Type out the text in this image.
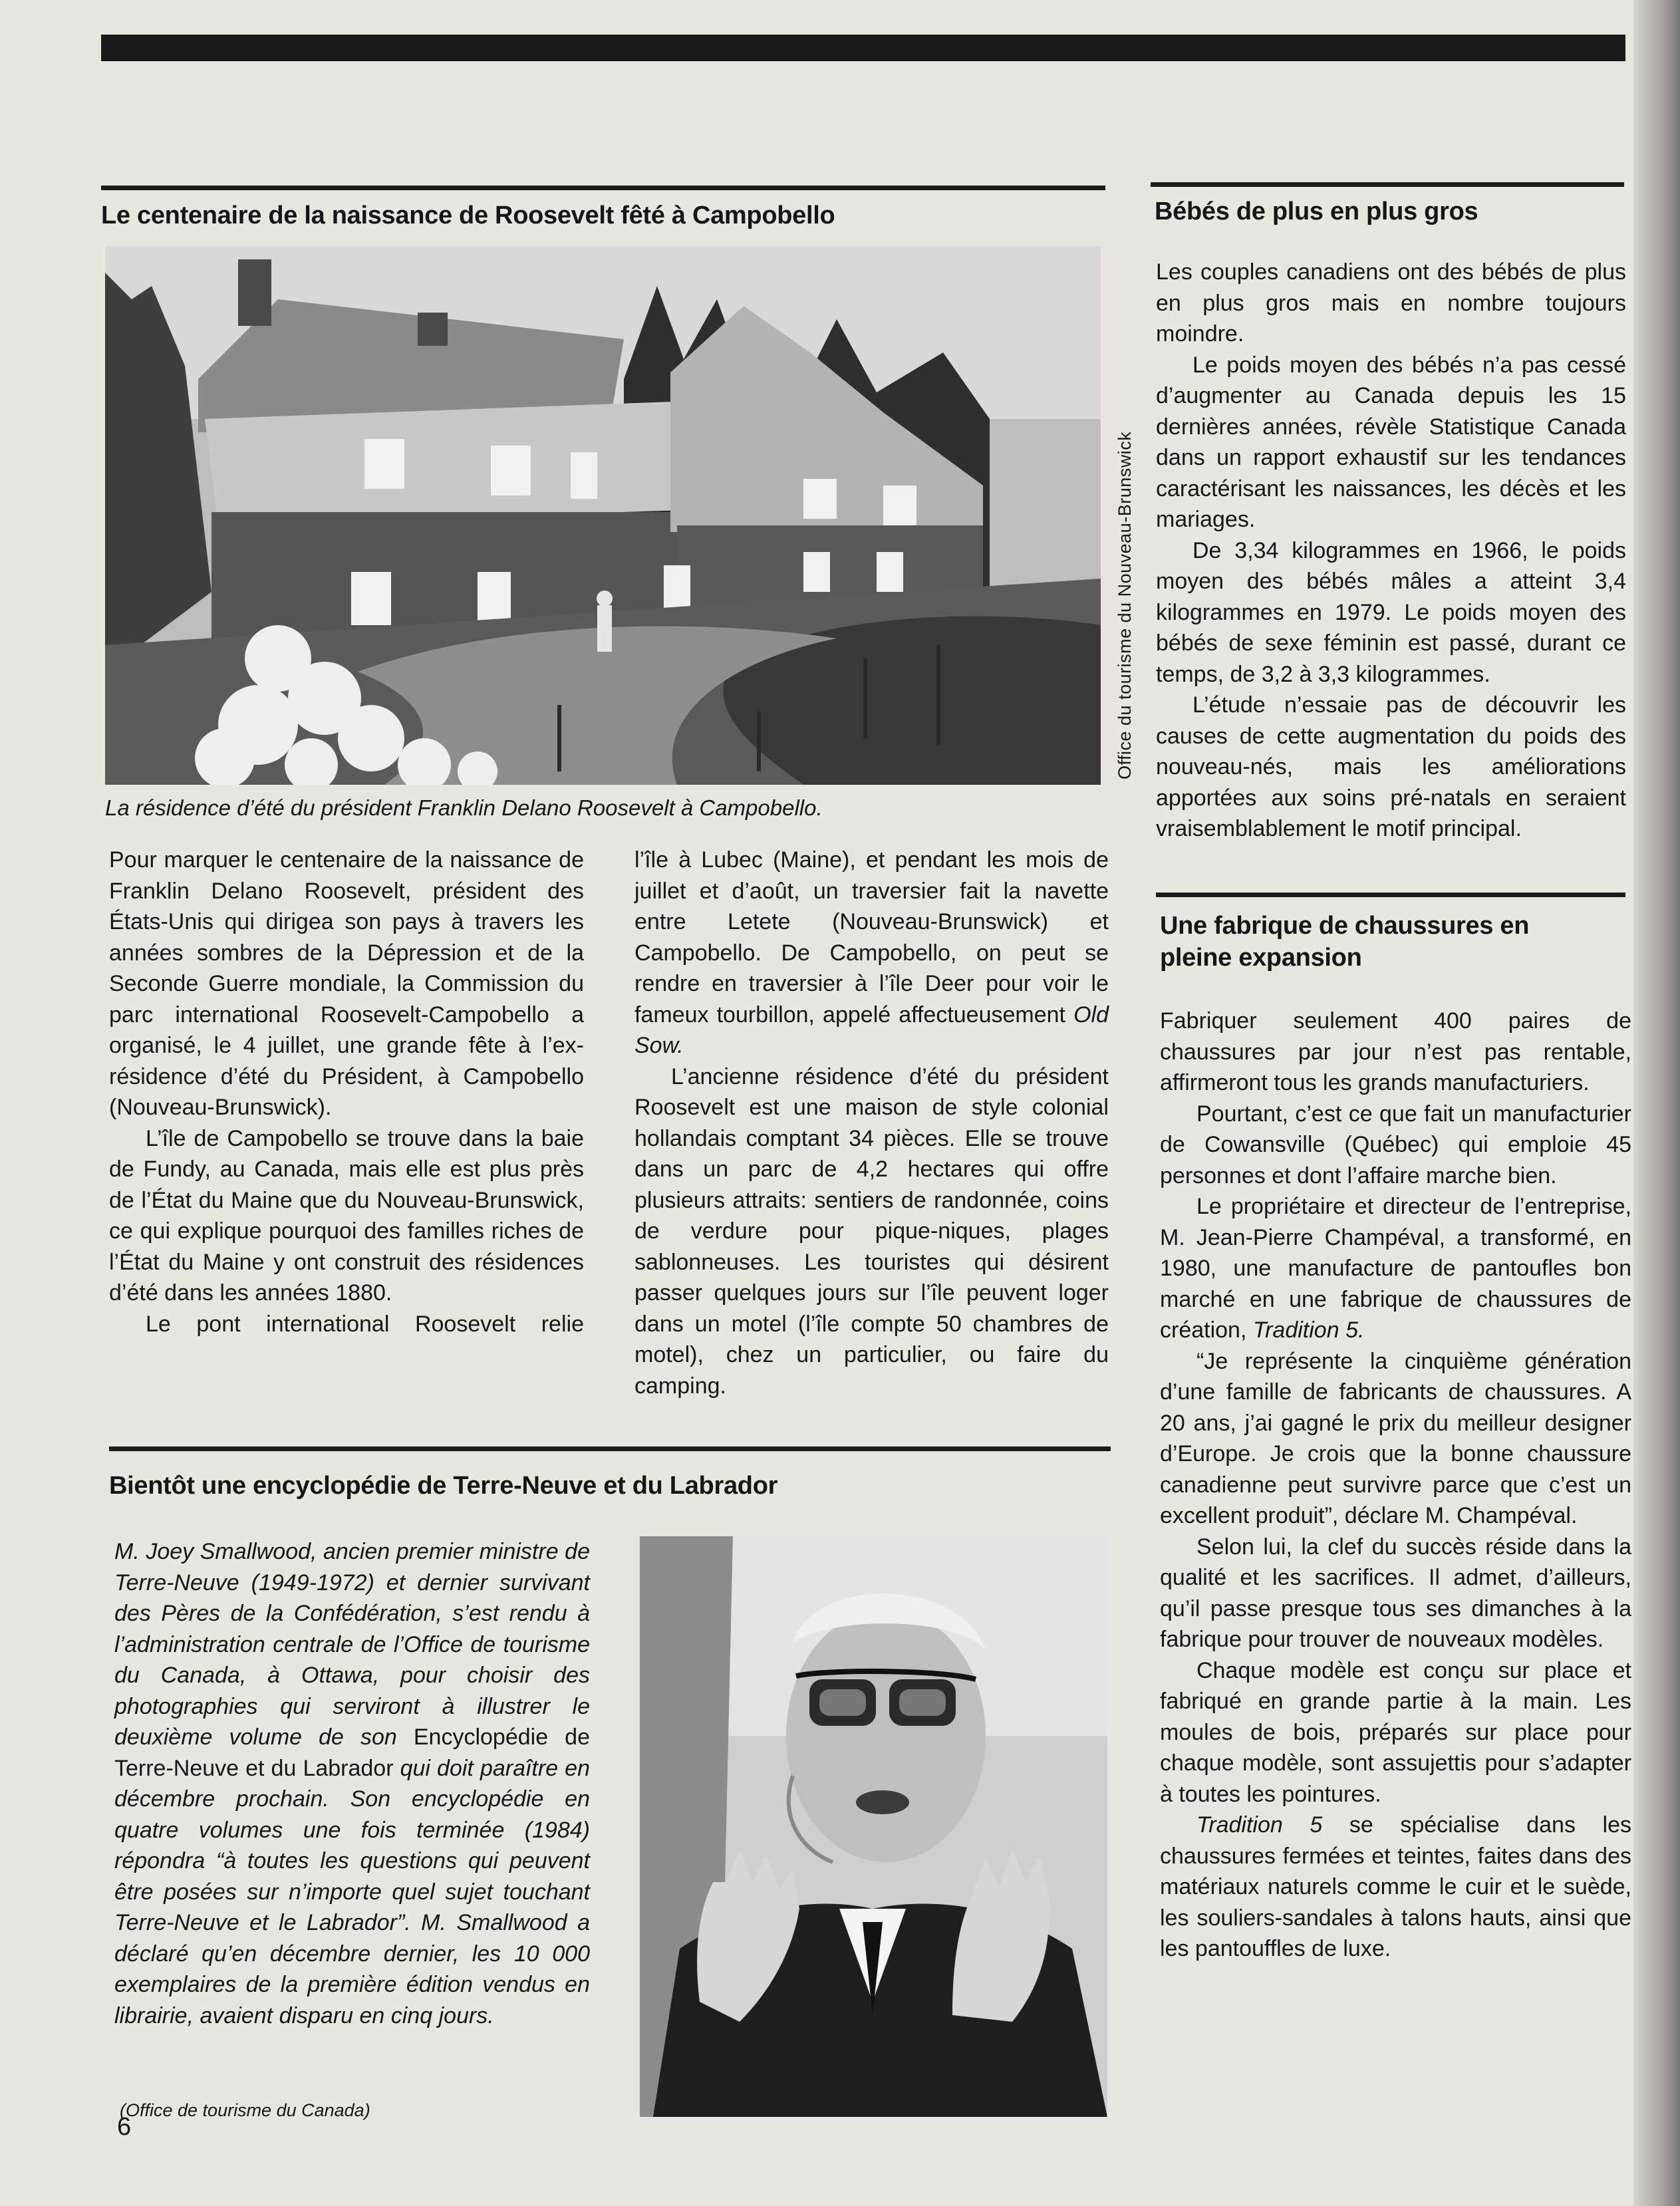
Le centenaire de la naissance de Roosevelt fêté à Campobello
Office du tourisme du Nouveau-Brunswick
La résidence d’été du président Franklin Delano Roosevelt à Campobello.

Pour marquer le centenaire de la naissance de Franklin Delano Roosevelt, président des États-Unis qui dirigea son pays à travers les années sombres de la Dépression et de la Seconde Guerre mondiale, la Commission du parc international Roosevelt-Campobello a organisé, le 4 juillet, une grande fête à l’ex-résidence d’été du Président, à Campobello (Nouveau-Brunswick).

L’île de Campobello se trouve dans la baie de Fundy, au Canada, mais elle est plus près de l’État du Maine que du Nouveau-Brunswick, ce qui explique pourquoi des familles riches de l’État du Maine y ont construit des résidences d’été dans les années 1880.

Le pont international Roosevelt relie

l’île à Lubec (Maine), et pendant les mois de juillet et d’août, un traversier fait la navette entre Letete (Nouveau-Brunswick) et Campobello. De Campobello, on peut se rendre en traversier à l’île Deer pour voir le fameux tourbillon, appelé affectueusement Old Sow.

L’ancienne résidence d’été du président Roosevelt est une maison de style colonial hollandais comptant 34 pièces. Elle se trouve dans un parc de 4,2 hectares qui offre plusieurs attraits: sentiers de randonnée, coins de verdure pour pique-niques, plages sablonneuses. Les touristes qui désirent passer quelques jours sur l’île peuvent loger dans un motel (l’île compte 50 chambres de motel), chez un particulier, ou faire du camping.

Bientôt une encyclopédie de Terre-Neuve et du Labrador
M. Joey Smallwood, ancien premier ministre de Terre-Neuve (1949-1972) et dernier survivant des Pères de la Confédération, s’est rendu à l’administration centrale de l’Office de tourisme du Canada, à Ottawa, pour choisir des photographies qui serviront à illustrer le deuxième volume de son Encyclopédie de Terre-Neuve et du Labrador qui doit paraître en décembre prochain. Son encyclopédie en quatre volumes une fois terminée (1984) répondra “à toutes les questions qui peuvent être posées sur n’importe quel sujet touchant Terre-Neuve et le Labrador”. M. Smallwood a déclaré qu’en décembre dernier, les 10 000 exemplaires de la première édition vendus en librairie, avaient disparu en cinq jours.
(Office de tourisme du Canada)
Bébés de plus en plus gros

Les couples canadiens ont des bébés de plus en plus gros mais en nombre toujours moindre.

Le poids moyen des bébés n’a pas cessé d’augmenter au Canada depuis les 15 dernières années, révèle Statistique Canada dans un rapport exhaustif sur les tendances caractérisant les naissances, les décès et les mariages.

De 3,34 kilogrammes en 1966, le poids moyen des bébés mâles a atteint 3,4 kilogrammes en 1979. Le poids moyen des bébés de sexe féminin est passé, durant ce temps, de 3,2 à 3,3 kilogrammes.

L’étude n’essaie pas de découvrir les causes de cette augmentation du poids des nouveau-nés, mais les améliorations apportées aux soins pré-natals en seraient vraisemblablement le motif principal.

Une fabrique de chaussures en pleine expansion

Fabriquer seulement 400 paires de chaussures par jour n’est pas rentable, affirmeront tous les grands manufacturiers.

Pourtant, c’est ce que fait un manufacturier de Cowansville (Québec) qui emploie 45 personnes et dont l’affaire marche bien.

Le propriétaire et directeur de l’entreprise, M. Jean-Pierre Champéval, a transformé, en 1980, une manufacture de pantoufles bon marché en une fabrique de chaussures de création, Tradition 5.

“Je représente la cinquième génération d’une famille de fabricants de chaussures. A 20 ans, j’ai gagné le prix du meilleur designer d’Europe. Je crois que la bonne chaussure canadienne peut survivre parce que c’est un excellent produit”, déclare M. Champéval.

Selon lui, la clef du succès réside dans la qualité et les sacrifices. Il admet, d’ailleurs, qu’il passe presque tous ses dimanches à la fabrique pour trouver de nouveaux modèles.

Chaque modèle est conçu sur place et fabriqué en grande partie à la main. Les moules de bois, préparés sur place pour chaque modèle, sont assujettis pour s’adapter à toutes les pointures.

Tradition 5 se spécialise dans les chaussures fermées et teintes, faites dans des matériaux naturels comme le cuir et le suède, les souliers-sandales à talons hauts, ainsi que les pantouffles de luxe.

6
